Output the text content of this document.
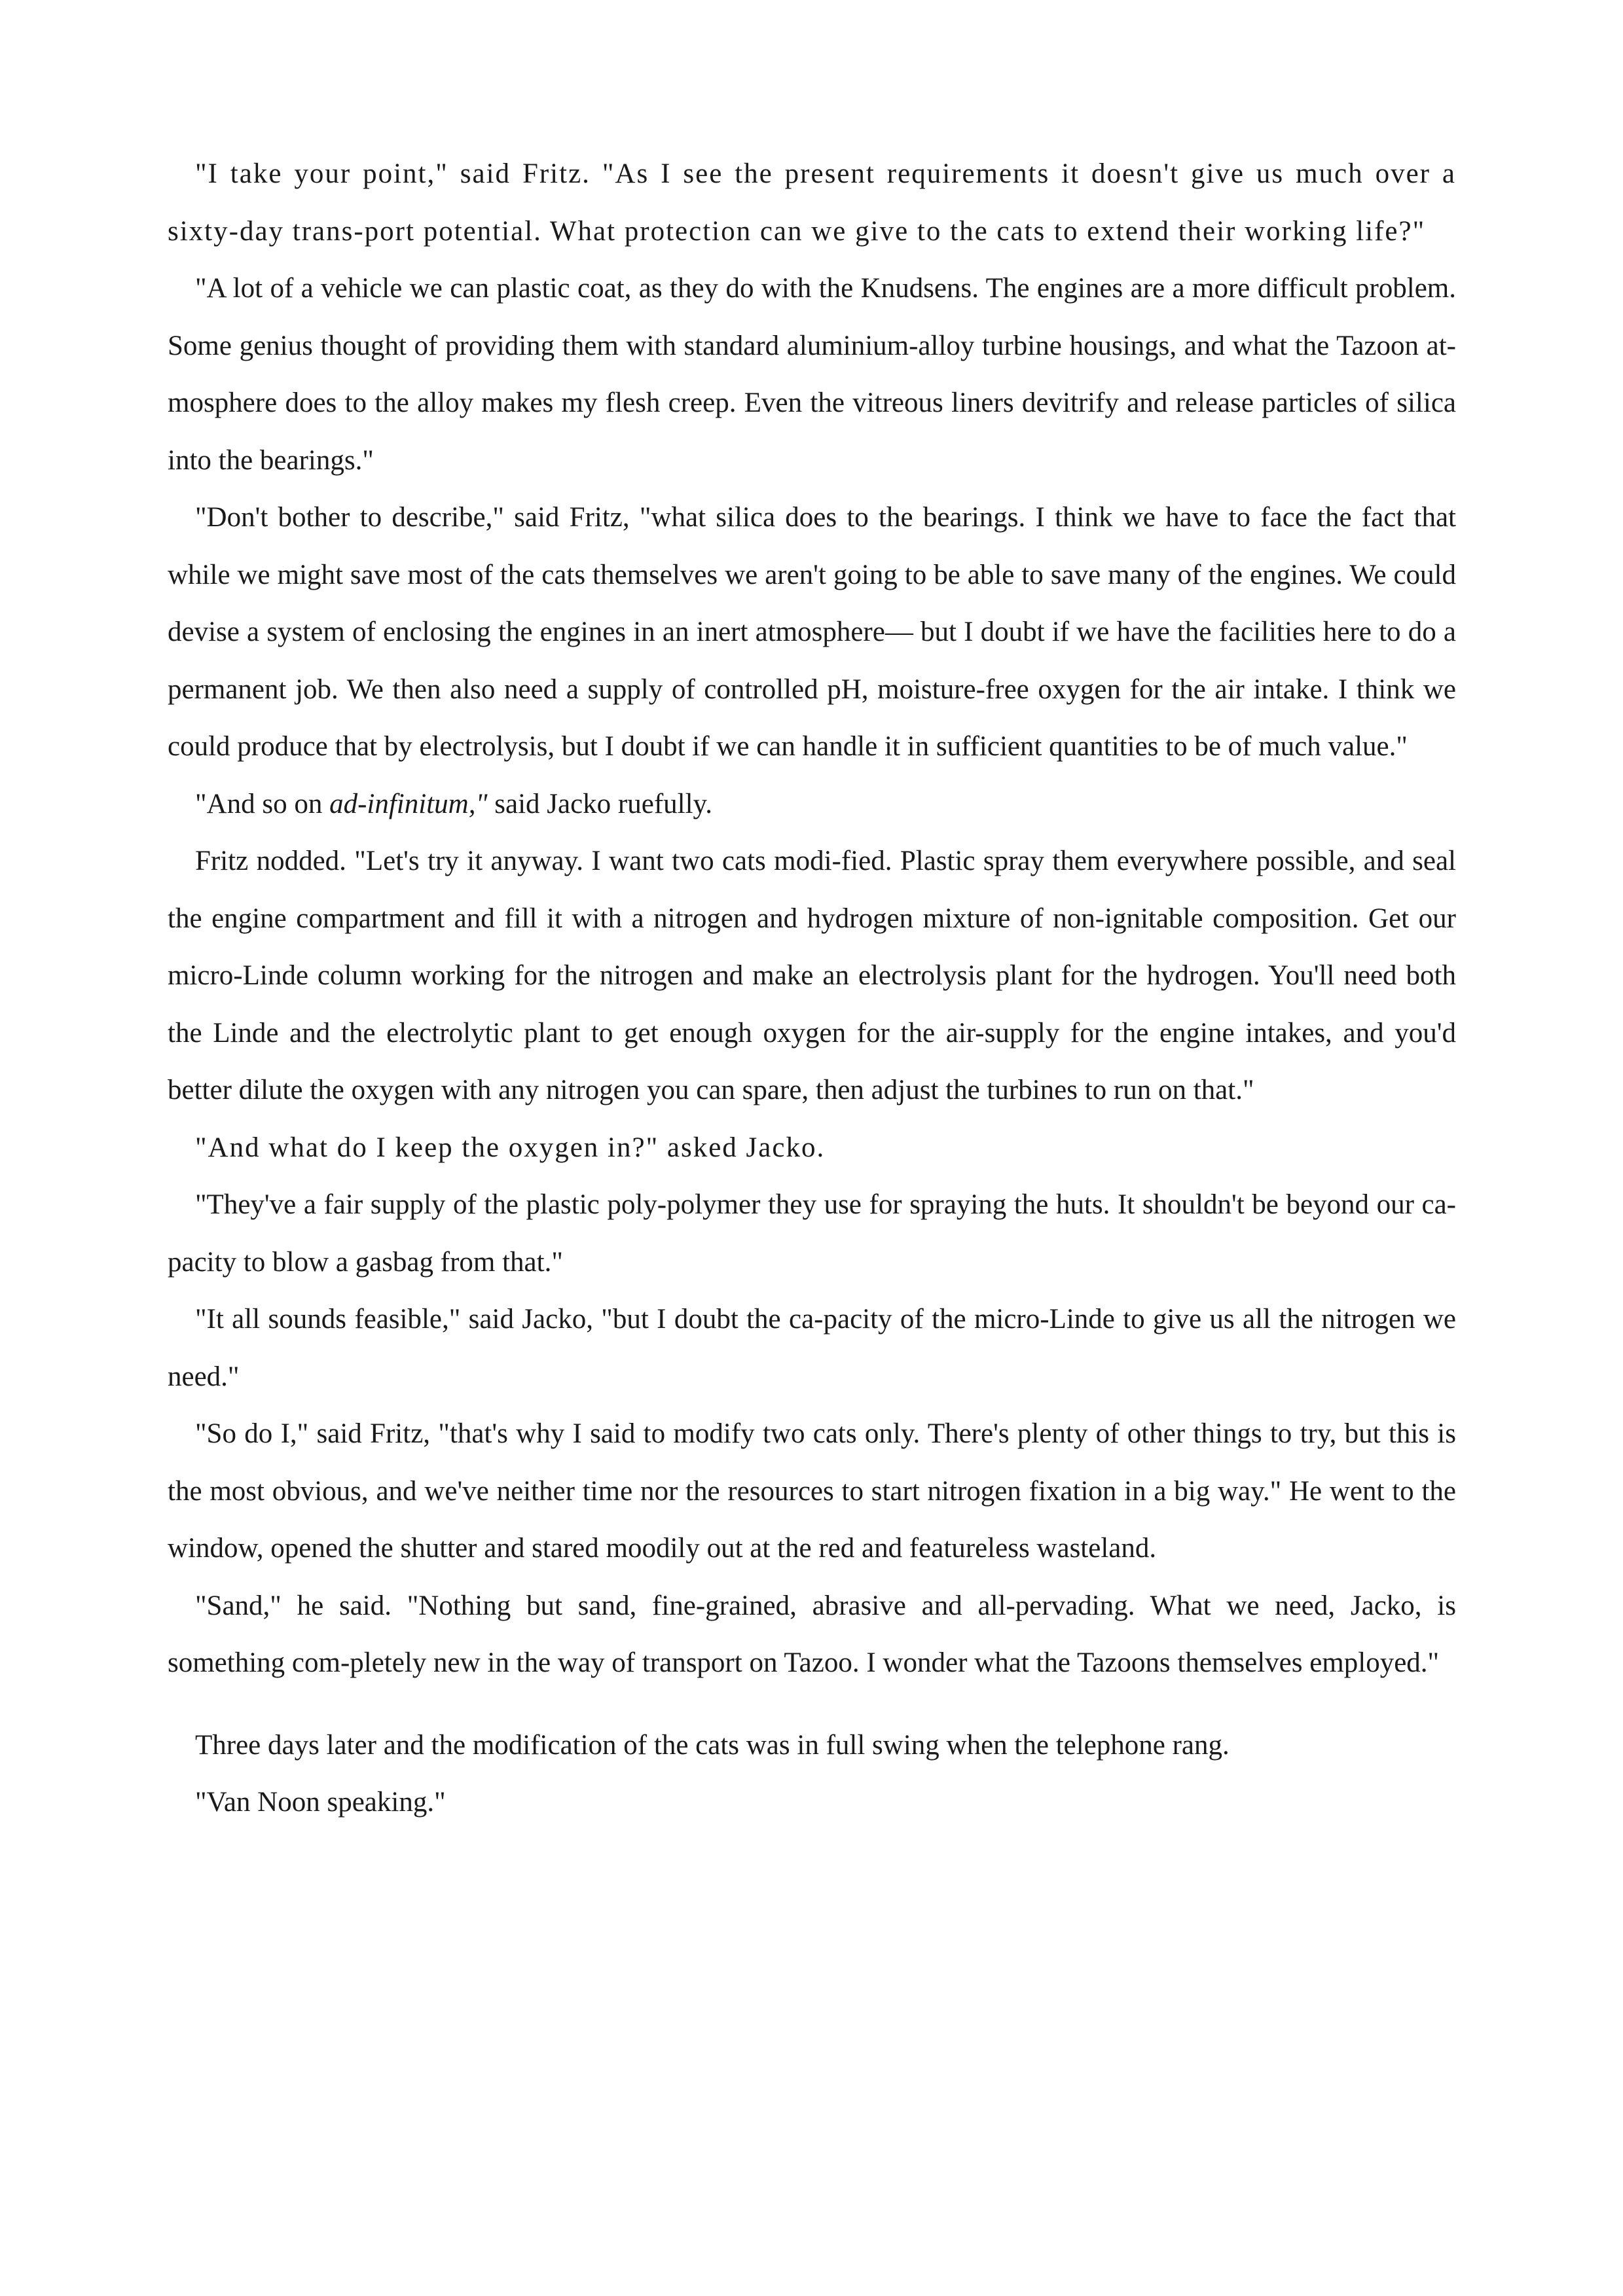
"I take your point," said Fritz. "As I see the present requirements it doesn't give us much over a sixty-day trans-port potential. What protection can we give to the cats to extend their working life?"

"A lot of a vehicle we can plastic coat, as they do with the Knudsens. The engines are a more difficult problem. Some genius thought of providing them with standard aluminium-alloy turbine housings, and what the Tazoon at-mosphere does to the alloy makes my flesh creep. Even the vitreous liners devitrify and release particles of silica into the bearings."

"Don't bother to describe," said Fritz, "what silica does to the bearings. I think we have to face the fact that while we might save most of the cats themselves we aren't going to be able to save many of the engines. We could devise a system of enclosing the engines in an inert atmosphere— but I doubt if we have the facilities here to do a permanent job. We then also need a supply of controlled pH, moisture-free oxygen for the air intake. I think we could produce that by electrolysis, but I doubt if we can handle it in sufficient quantities to be of much value."

"And so on ad-infinitum," said Jacko ruefully.

Fritz nodded. "Let's try it anyway. I want two cats modi-fied. Plastic spray them everywhere possible, and seal the engine compartment and fill it with a nitrogen and hydrogen mixture of non-ignitable composition. Get our micro-Linde column working for the nitrogen and make an electrolysis plant for the hydrogen. You'll need both the Linde and the electrolytic plant to get enough oxygen for the air-supply for the engine intakes, and you'd better dilute the oxygen with any nitrogen you can spare, then adjust the turbines to run on that."

"And what do I keep the oxygen in?" asked Jacko.

"They've a fair supply of the plastic poly-polymer they use for spraying the huts. It shouldn't be beyond our ca-pacity to blow a gasbag from that."

"It all sounds feasible," said Jacko, "but I doubt the ca-pacity of the micro-Linde to give us all the nitrogen we need."

"So do I," said Fritz, "that's why I said to modify two cats only. There's plenty of other things to try, but this is the most obvious, and we've neither time nor the resources to start nitrogen fixation in a big way." He went to the window, opened the shutter and stared moodily out at the red and featureless wasteland.

"Sand," he said. "Nothing but sand, fine-grained, abrasive and all-pervading. What we need, Jacko, is something com-pletely new in the way of transport on Tazoo. I wonder what the Tazoons themselves employed."

Three days later and the modification of the cats was in full swing when the telephone rang.

"Van Noon speaking."
